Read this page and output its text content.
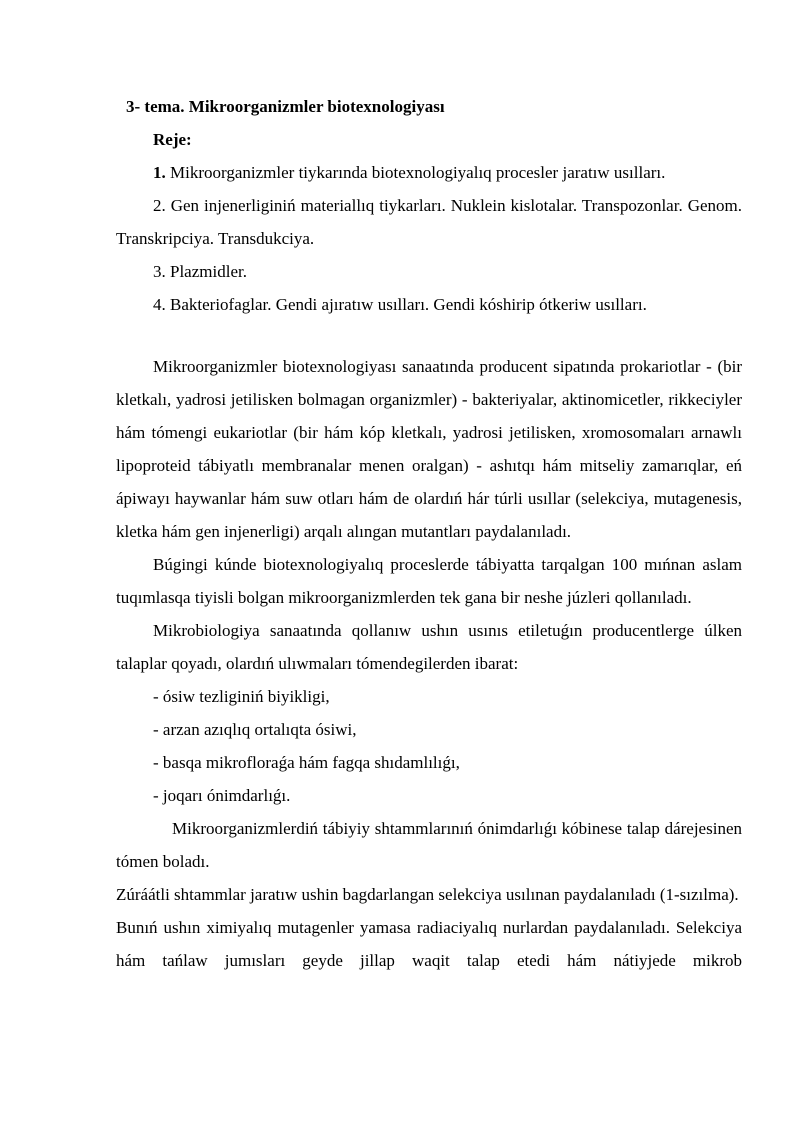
3- tema. Mikroorganizmler biotexnologiyası

Reje:

1. Mikroorganizmler tiykarında biotexnologiyalıq procesler jaratıw usılları.

2. Gen injenerliginiń materiallıq tiykarları. Nuklein kislotalar. Transpozonlar. Genom. Transkripciya. Transdukciya.

3. Plazmidler.

4. Bakteriofaglar. Gendi ajıratıw usılları. Gendi kóshirip ótkeriw usılları.

Mikroorganizmler biotexnologiyası sanaatında producent sipatında prokariotlar - (bir kletkalı, yadrosi jetilisken bolmagan organizmler) - bakteriyalar, aktinomicetler, rikkeciyler hám tómengi eukariotlar (bir hám kóp kletkalı, yadrosi jetilisken, xromosomaları arnawlı lipoproteid tábiyatlı membranalar menen oralgan) - ashıtqı hám mitseliy zamarıqlar, eń ápiwayı haywanlar hám suw otları hám de olardıń hár túrli usıllar (selekciya, mutagenesis, kletka hám gen injenerligi) arqalı alıngan mutantları paydalanıladı.

Búgingi kúnde biotexnologiyalıq proceslerde tábiyatta tarqalgan 100 mıńnan aslam tuqımlasqa tiyisli bolgan mikroorganizmlerden tek gana bir neshe júzleri qollanıladı.

Mikrobiologiya sanaatında qollanıw ushın usınıs etiletuǵın producentlerge úlken talaplar qoyadı, olardıń ulıwmaları tómendegilerden ibarat:

- ósiw tezliginiń biyikligi,

- arzan azıqlıq ortalıqta ósiwi,

- basqa mikrofloraǵa hám fagqa shıdamlılıǵı,

- joqarı ónimdarlıǵı.

Mikroorganizmlerdiń tábiyiy shtammlarınıń ónimdarlıǵı kóbinese talap dárejesinen tómen boladı.

Zúráátli shtammlar jaratıw ushin bagdarlangan selekciya usılınan paydalanıladı (1-sızılma).

Bunıń ushın ximiyalıq mutagenler yamasa radiaciyalıq nurlardan paydalanıladı. Selekciya hám tańlaw jumısları geyde jillap waqit talap etedi hám nátiyjede mikrob
